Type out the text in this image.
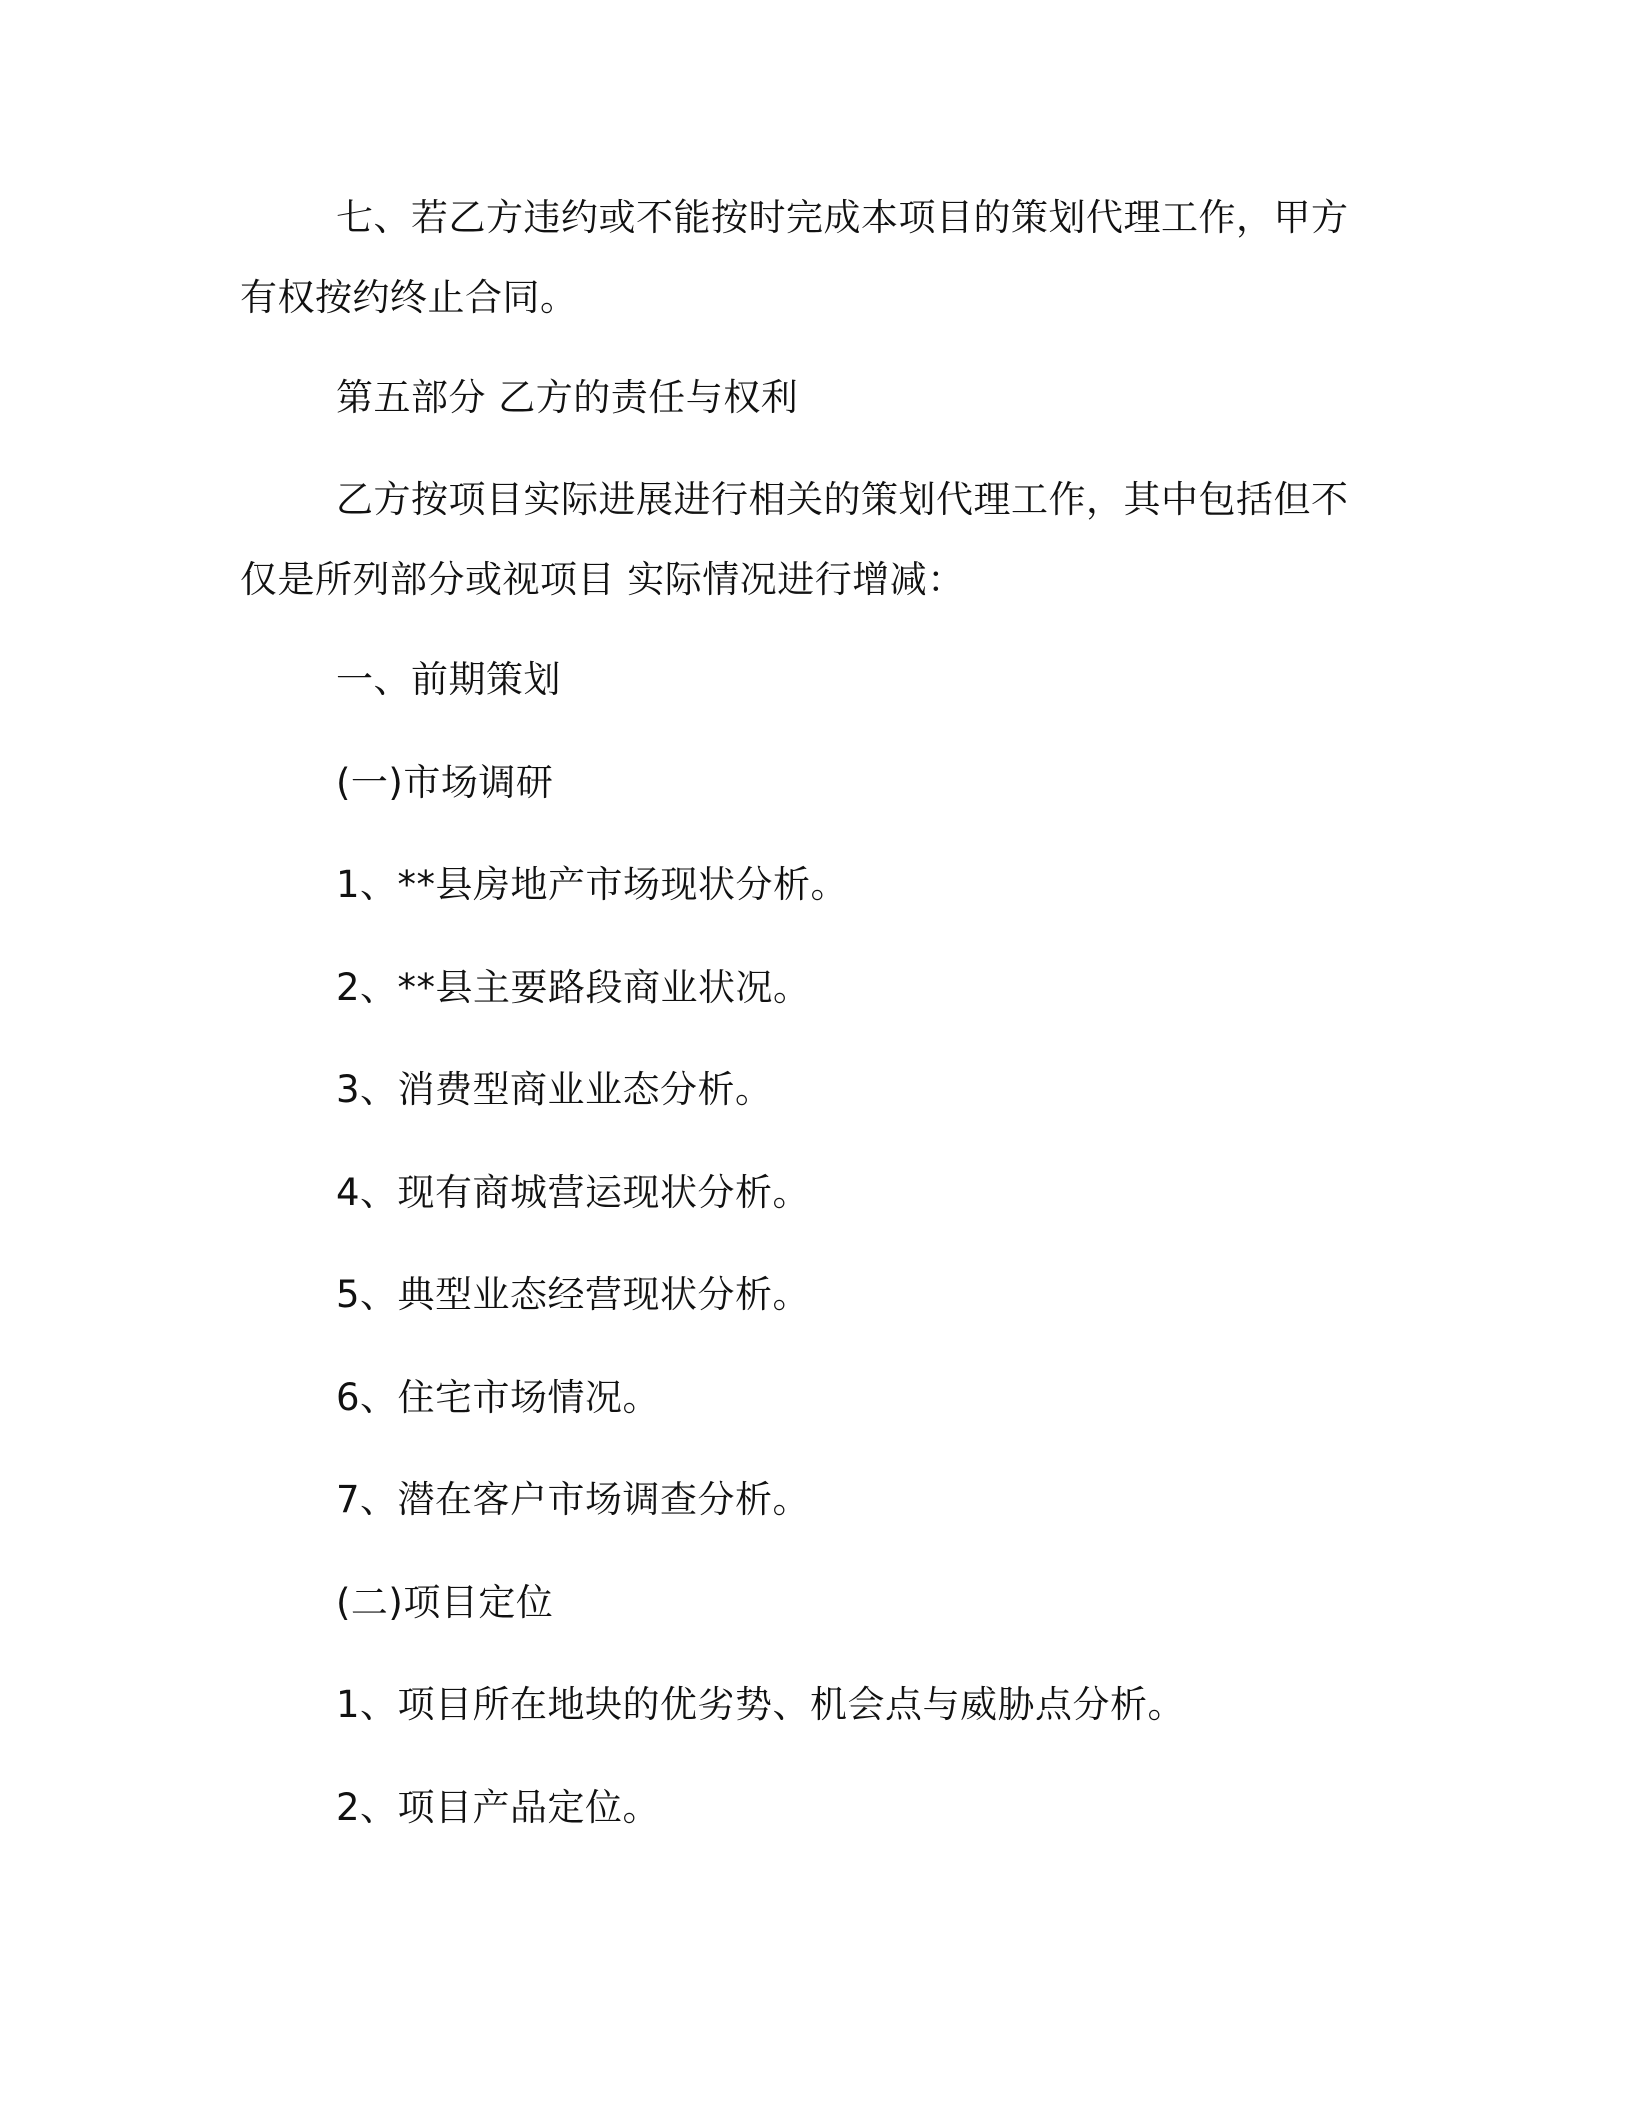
七、若乙方违约或不能按时完成本项目的策划代理工作，甲方有权按约终止合同。

第五部分 乙方的责任与权利

乙方按项目实际进展进行相关的策划代理工作，其中包括但不仅是所列部分或视项目 实际情况进行增减：

一、前期策划

(一)市场调研

1、**县房地产市场现状分析。

2、**县主要路段商业状况。

3、消费型商业业态分析。

4、现有商城营运现状分析。

5、典型业态经营现状分析。

6、住宅市场情况。

7、潜在客户市场调查分析。

(二)项目定位

1、项目所在地块的优劣势、机会点与威胁点分析。

2、项目产品定位。
